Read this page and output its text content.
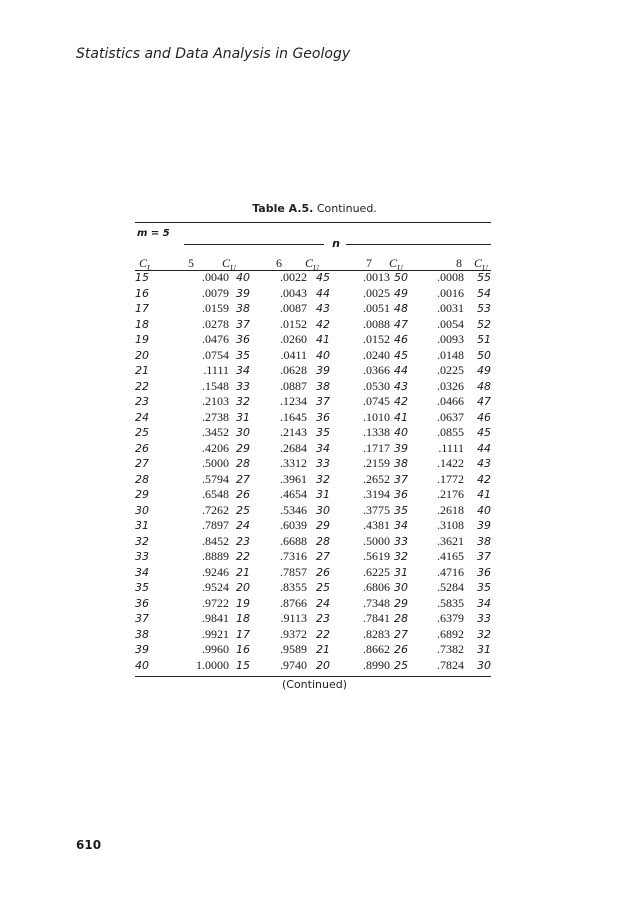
Statistics and Data Analysis in Geology
Table A.5. Continued.
m = 5
n
$C_L$	5 $C_U$	6 $C_U$	7 $C_U$	8 $C_U$
15	.0040	40	.0022	45	.0013	50	.0008	55
16	.0079	39	.0043	44	.0025	49	.0016	54
17	.0159	38	.0087	43	.0051	48	.0031	53
18	.0278	37	.0152	42	.0088	47	.0054	52
19	.0476	36	.0260	41	.0152	46	.0093	51
20	.0754	35	.0411	40	.0240	45	.0148	50
21	.1111	34	.0628	39	.0366	44	.0225	49
22	.1548	33	.0887	38	.0530	43	.0326	48
23	.2103	32	.1234	37	.0745	42	.0466	47
24	.2738	31	.1645	36	.1010	41	.0637	46
25	.3452	30	.2143	35	.1338	40	.0855	45
26	.4206	29	.2684	34	.1717	39	.1111	44
27	.5000	28	.3312	33	.2159	38	.1422	43
28	.5794	27	.3961	32	.2652	37	.1772	42
29	.6548	26	.4654	31	.3194	36	.2176	41
30	.7262	25	.5346	30	.3775	35	.2618	40
31	.7897	24	.6039	29	.4381	34	.3108	39
32	.8452	23	.6688	28	.5000	33	.3621	38
33	.8889	22	.7316	27	.5619	32	.4165	37
34	.9246	21	.7857	26	.6225	31	.4716	36
35	.9524	20	.8355	25	.6806	30	.5284	35
36	.9722	19	.8766	24	.7348	29	.5835	34
37	.9841	18	.9113	23	.7841	28	.6379	33
38	.9921	17	.9372	22	.8283	27	.6892	32
39	.9960	16	.9589	21	.8662	26	.7382	31
40	1.0000	15	.9740	20	.8990	25	.7824	30
(Continued)
610
